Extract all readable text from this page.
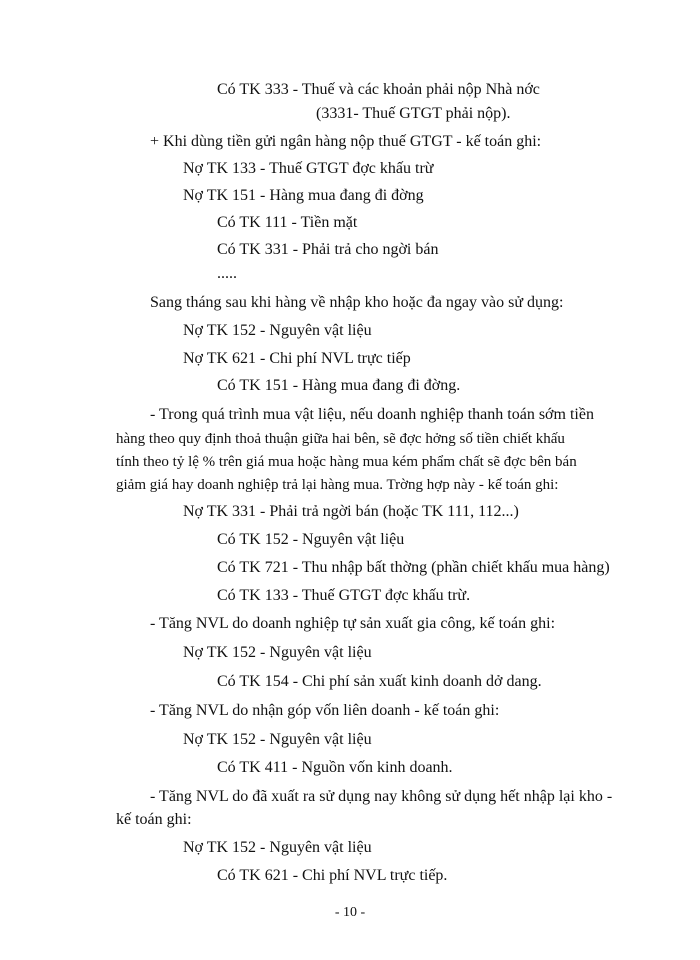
Có TK 333 - Thuế và các khoản phải nộp Nhà nớc
(3331- Thuế GTGT phải nộp).
+ Khi dùng tiền gửi ngân hàng nộp thuế GTGT - kế toán ghi:
Nợ TK 133 - Thuế GTGT đợc khấu trừ
Nợ TK 151 - Hàng mua đang đi đờng
Có TK 111 - Tiền mặt
Có TK 331 - Phải trả cho ngời bán
.....
Sang tháng sau khi hàng về nhập kho hoặc đa ngay vào sử dụng:
Nợ TK 152 - Nguyên vật liệu
Nợ TK 621 - Chi phí NVL trực tiếp
Có TK 151 - Hàng mua đang đi đờng.
- Trong quá trình mua vật liệu, nếu doanh nghiệp thanh toán sớm tiền
hàng theo quy định thoả thuận giữa hai bên, sẽ đợc hởng số tiền chiết khấu
tính theo tỷ lệ % trên giá mua hoặc hàng mua kém phẩm chất sẽ đợc bên bán
giảm giá hay doanh nghiệp trả lại hàng mua. Trờng hợp này - kế toán ghi:
Nợ TK 331 - Phải trả ngời bán (hoặc TK 111, 112...)
Có TK 152 - Nguyên vật liệu
Có TK 721 - Thu nhập bất thờng (phần chiết khấu mua hàng)
Có TK 133 - Thuế GTGT đợc khấu trừ.
- Tăng NVL do doanh nghiệp tự sản xuất gia công, kế toán ghi:
Nợ TK 152 - Nguyên vật liệu
Có TK 154 - Chi phí sản xuất kinh doanh dở dang.
- Tăng NVL do nhận góp vốn liên doanh - kế toán ghi:
Nợ TK 152 - Nguyên vật liệu
Có TK 411 - Nguồn vốn kinh doanh.
- Tăng NVL do đã xuất ra sử dụng nay không sử dụng hết nhập lại kho -
kế toán ghi:
Nợ TK 152 - Nguyên vật liệu
Có TK 621 - Chi phí NVL trực tiếp.
- 10 -
